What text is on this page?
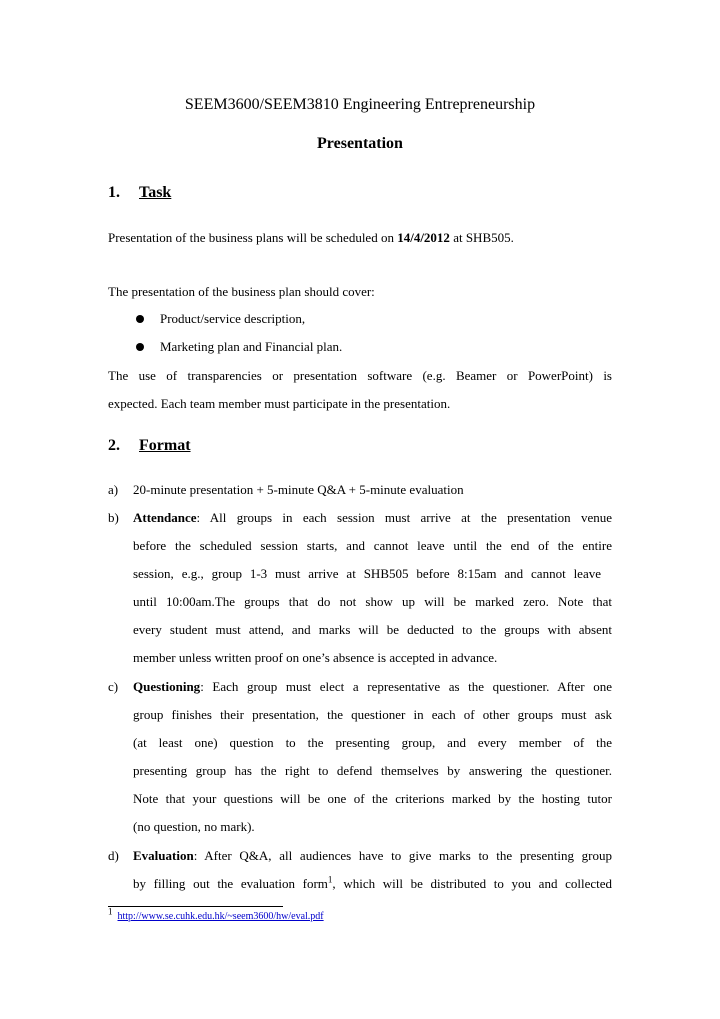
SEEM3600/SEEM3810 Engineering Entrepreneurship
Presentation
1. Task
Presentation of the business plans will be scheduled on 14/4/2012 at SHB505.
The presentation of the business plan should cover:
Product/service description,
Marketing plan and Financial plan.
The use of transparencies or presentation software (e.g. Beamer or PowerPoint) is
expected. Each team member must participate in the presentation.
2. Format
a) 20-minute presentation + 5-minute Q&A + 5-minute evaluation
b) Attendance: All groups in each session must arrive at the presentation venue
before the scheduled session starts, and cannot leave until the end of the entire
session, e.g., group 1-3 must arrive at SHB505 before 8:15am and cannot leave
until 10:00am.The groups that do not show up will be marked zero. Note that
every student must attend, and marks will be deducted to the groups with absent
member unless written proof on one’s absence is accepted in advance.
c) Questioning: Each group must elect a representative as the questioner. After one
group finishes their presentation, the questioner in each of other groups must ask
(at least one) question to the presenting group, and every member of the
presenting group has the right to defend themselves by answering the questioner.
Note that your questions will be one of the criterions marked by the hosting tutor
(no question, no mark).
d) Evaluation: After Q&A, all audiences have to give marks to the presenting group
by filling out the evaluation form$^1$, which will be distributed to you and collected
$^1$ http://www.se.cuhk.edu.hk/~seem3600/hw/eval.pdf
